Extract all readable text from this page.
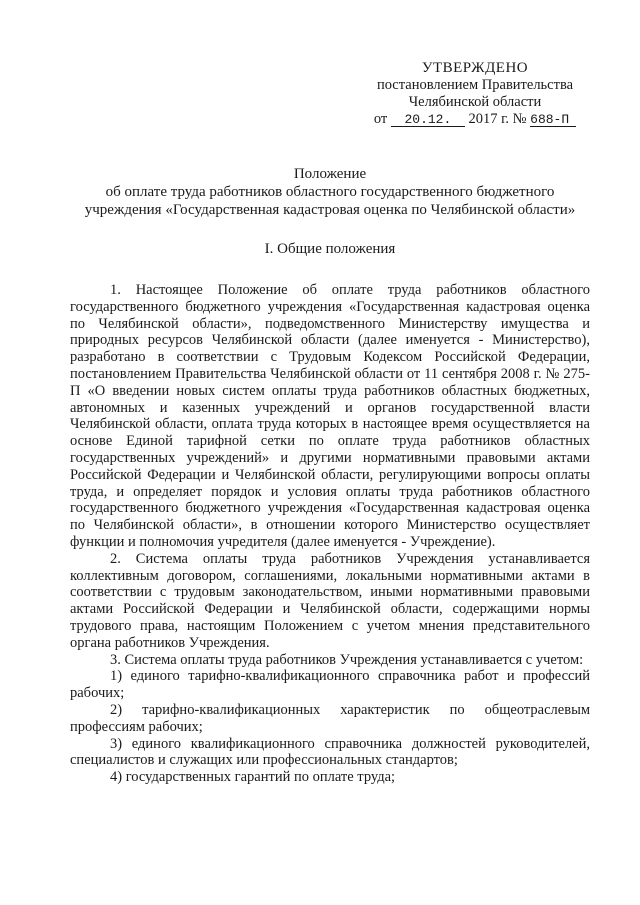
УТВЕРЖДЕНО
постановлением Правительства
Челябинской области
от 20.12. 2017 г. № 688-П
Положение
об оплате труда работников областного государственного бюджетного
учреждения «Государственная кадастровая оценка по Челябинской области»
I. Общие положения

1. Настоящее Положение об оплате труда работников областного государственного бюджетного учреждения «Государственная кадастровая оценка по Челябинской области», подведомственного Министерству имущества и природных ресурсов Челябинской области (далее именуется - Министерство), разработано в соответствии с Трудовым Кодексом Российской Федерации, постановлением Правительства Челябинской области от 11 сентября 2008 г. № 275-П «О введении новых систем оплаты труда работников областных бюджетных, автономных и казенных учреждений и органов государственной власти Челябинской области, оплата труда которых в настоящее время осуществляется на основе Единой тарифной сетки по оплате труда работников областных государственных учреждений» и другими нормативными правовыми актами Российской Федерации и Челябинской области, регулирующими вопросы оплаты труда, и определяет порядок и условия оплаты труда работников областного государственного бюджетного учреждения «Государственная кадастровая оценка по Челябинской области», в отношении которого Министерство осуществляет функции и полномочия учредителя (далее именуется - Учреждение).

2. Система оплаты труда работников Учреждения устанавливается коллективным договором, соглашениями, локальными нормативными актами в соответствии с трудовым законодательством, иными нормативными правовыми актами Российской Федерации и Челябинской области, содержащими нормы трудового права, настоящим Положением с учетом мнения представительного органа работников Учреждения.

3. Система оплаты труда работников Учреждения устанавливается с учетом:

1) единого тарифно-квалификационного справочника работ и профессий рабочих;

2) тарифно-квалификационных характеристик по общеотраслевым профессиям рабочих;

3) единого квалификационного справочника должностей руководителей, специалистов и служащих или профессиональных стандартов;

4) государственных гарантий по оплате труда;
